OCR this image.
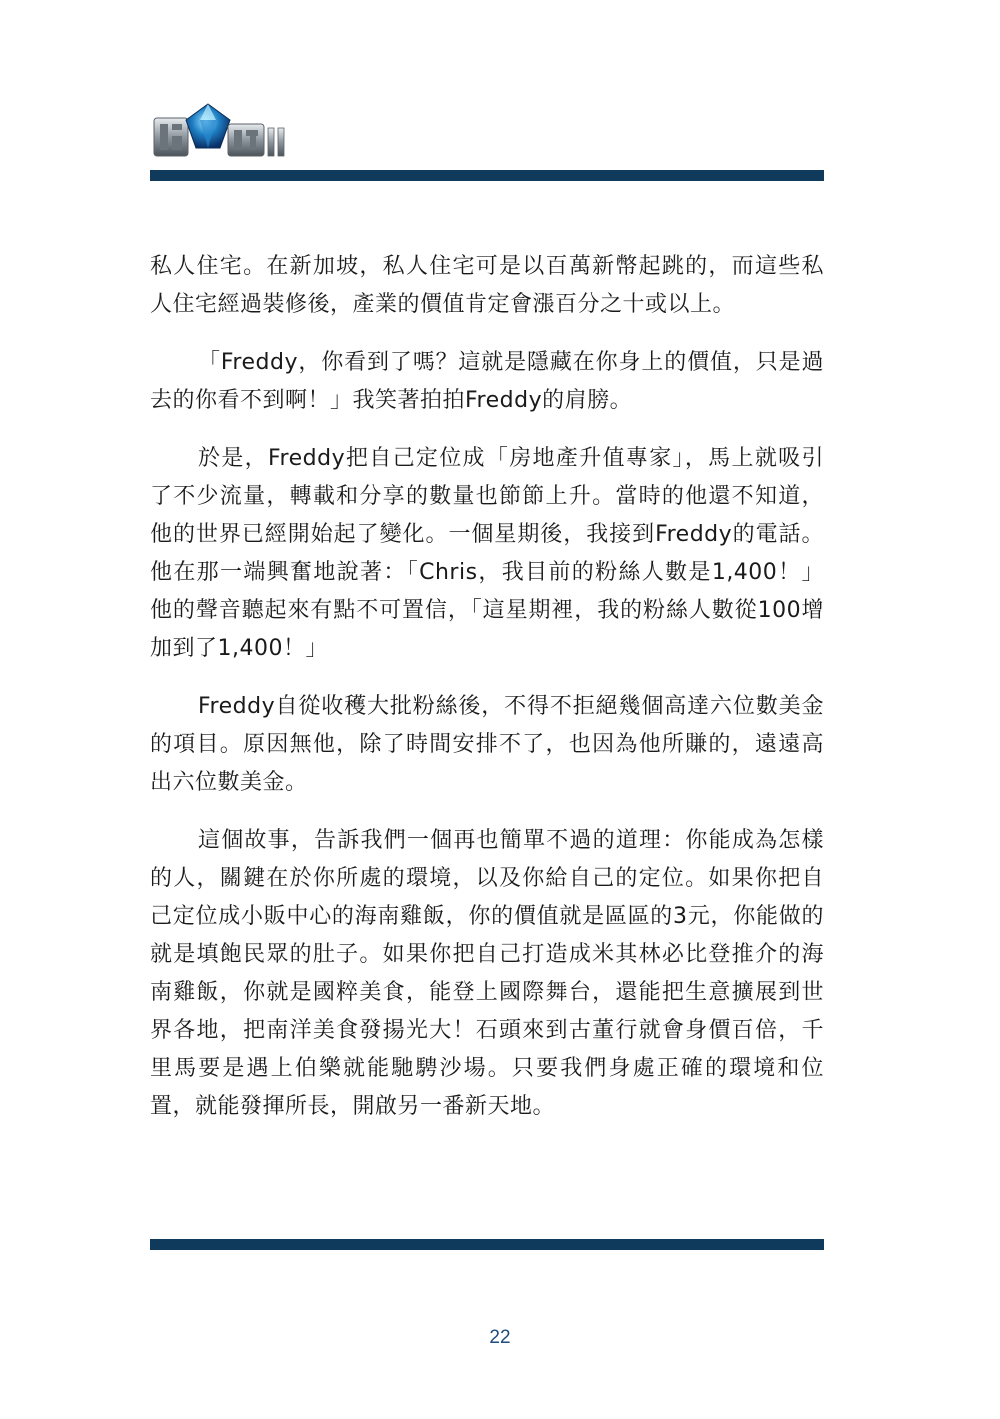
私人住宅。在新加坡，私人住宅可是以百萬新幣起跳的，而這些私人住宅經過裝修後，產業的價值肯定會漲百分之十或以上。

「Freddy，你看到了嗎？這就是隱藏在你身上的價值，只是過去的你看不到啊！」我笑著拍拍Freddy的肩膀。

於是，Freddy把自己定位成「房地產升值專家」，馬上就吸引了不少流量，轉載和分享的數量也節節上升。當時的他還不知道，他的世界已經開始起了變化。一個星期後，我接到Freddy的電話。他在那一端興奮地說著：「Chris，我目前的粉絲人數是1,400！」他的聲音聽起來有點不可置信，「這星期裡，我的粉絲人數從100增加到了1,400！」

Freddy自從收穫大批粉絲後，不得不拒絕幾個高達六位數美金的項目。原因無他，除了時間安排不了，也因為他所賺的，遠遠高出六位數美金。

這個故事，告訴我們一個再也簡單不過的道理：你能成為怎樣的人，關鍵在於你所處的環境，以及你給自己的定位。如果你把自己定位成小販中心的海南雞飯，你的價值就是區區的3元，你能做的就是填飽民眾的肚子。如果你把自己打造成米其林必比登推介的海南雞飯，你就是國粹美食，能登上國際舞台，還能把生意擴展到世界各地，把南洋美食發揚光大！石頭來到古董行就會身價百倍，千里馬要是遇上伯樂就能馳騁沙場。只要我們身處正確的環境和位置，就能發揮所長，開啟另一番新天地。

22
